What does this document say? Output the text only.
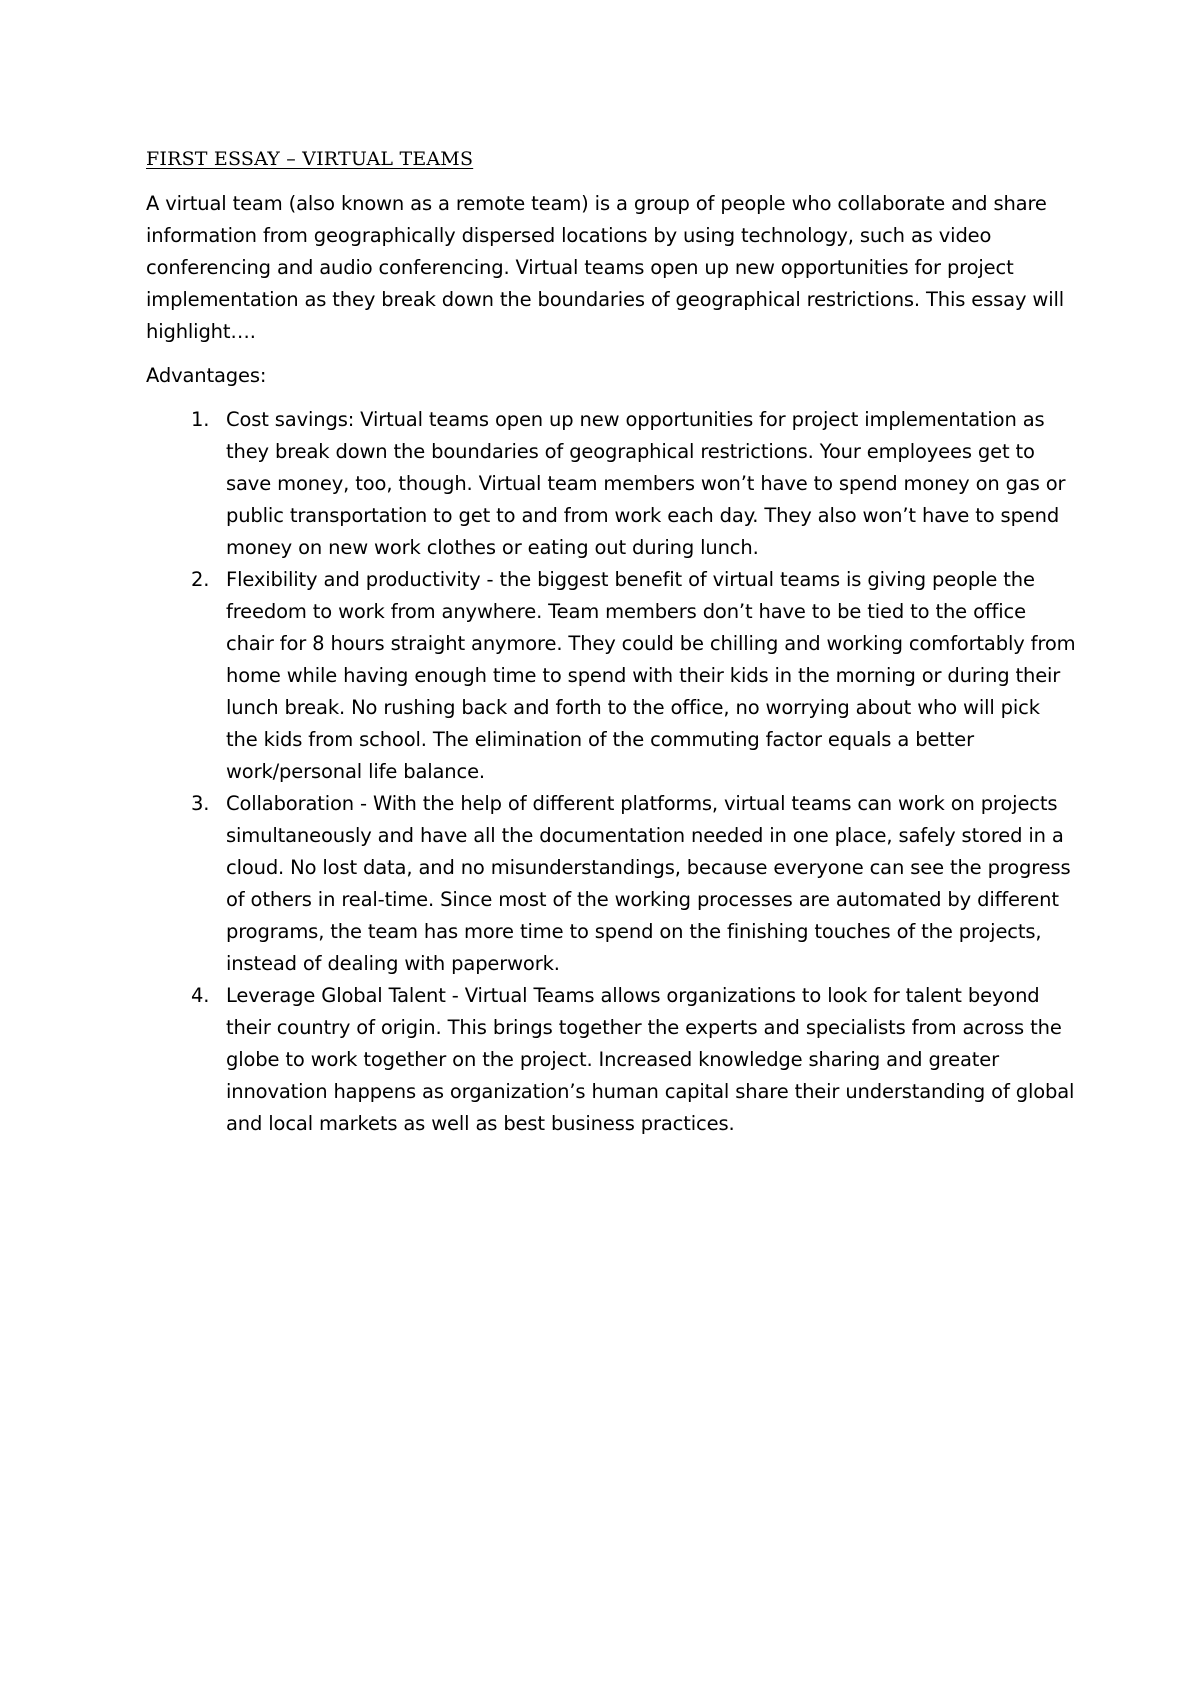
FIRST ESSAY – VIRTUAL TEAMS

A virtual team (also known as a remote team) is a group of people who collaborate and share information from geographically dispersed locations by using technology, such as video conferencing and audio conferencing. Virtual teams open up new opportunities for project implementation as they break down the boundaries of geographical restrictions. This essay will highlight….

Advantages:

1. Cost savings: Virtual teams open up new opportunities for project implementation as they break down the boundaries of geographical restrictions. Your employees get to save money, too, though. Virtual team members won’t have to spend money on gas or public transportation to get to and from work each day. They also won’t have to spend money on new work clothes or eating out during lunch.
2. Flexibility and productivity - the biggest benefit of virtual teams is giving people the freedom to work from anywhere. Team members don’t have to be tied to the office chair for 8 hours straight anymore. They could be chilling and working comfortably from home while having enough time to spend with their kids in the morning or during their lunch break. No rushing back and forth to the office, no worrying about who will pick the kids from school. The elimination of the commuting factor equals a better work/personal life balance.
3. Collaboration - With the help of different platforms, virtual teams can work on projects simultaneously and have all the documentation needed in one place, safely stored in a cloud. No lost data, and no misunderstandings, because everyone can see the progress of others in real-time. Since most of the working processes are automated by different programs, the team has more time to spend on the finishing touches of the projects, instead of dealing with paperwork.
4. Leverage Global Talent - Virtual Teams allows organizations to look for talent beyond their country of origin. This brings together the experts and specialists from across the globe to work together on the project. Increased knowledge sharing and greater innovation happens as organization’s human capital share their understanding of global and local markets as well as best business practices.
